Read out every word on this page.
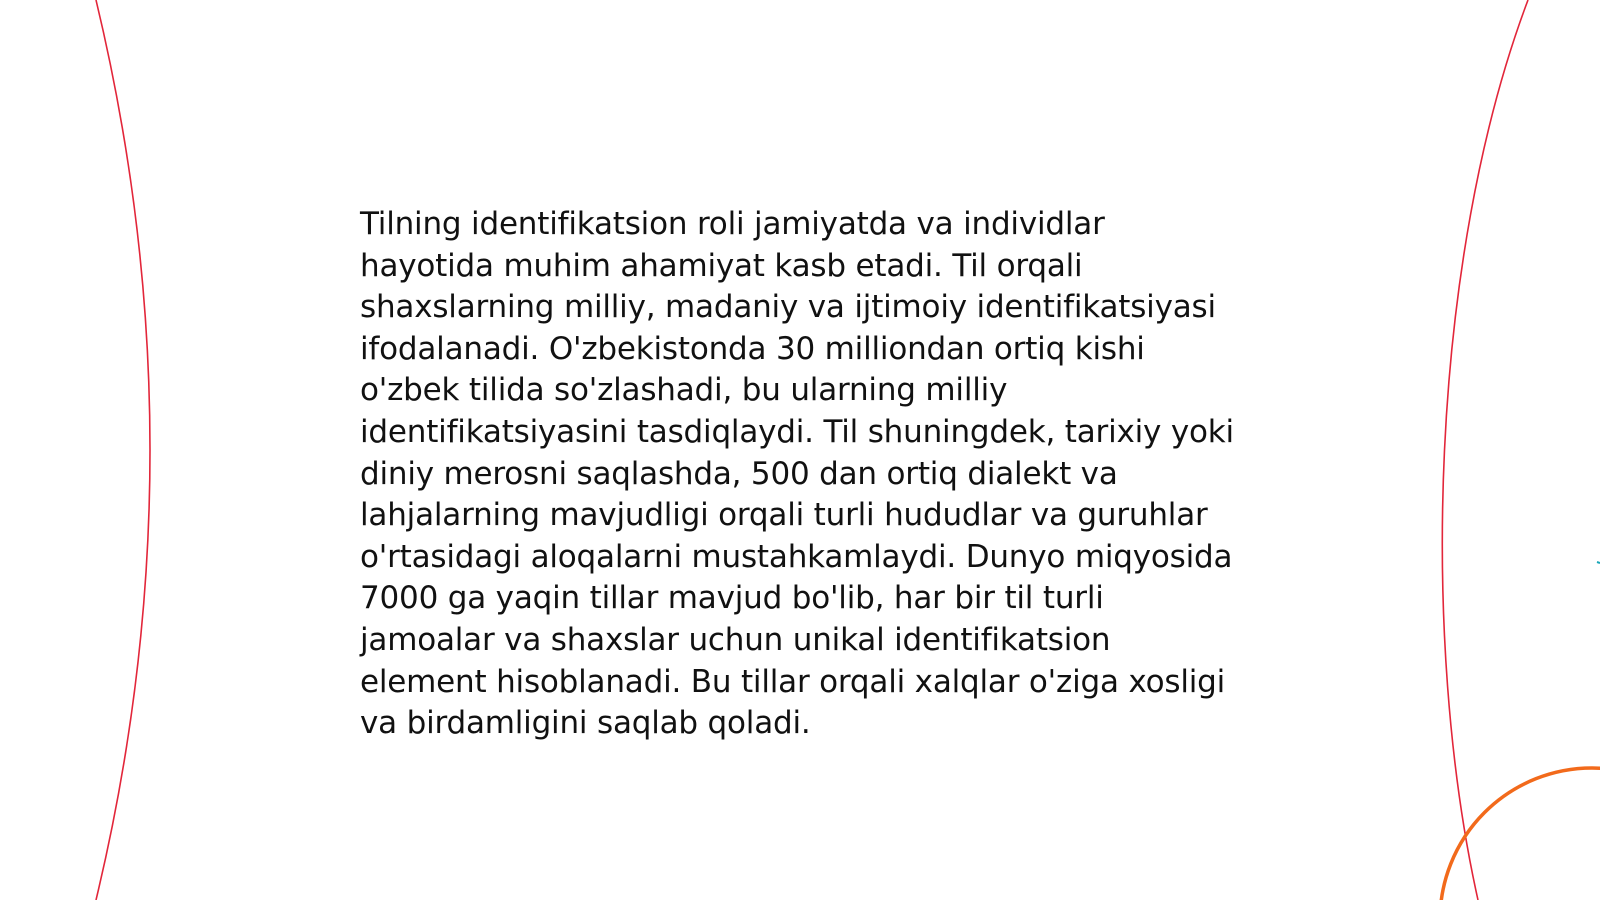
Tilning identifikatsion roli jamiyatda va individlar hayotida muhim ahamiyat kasb etadi. Til orqali shaxslarning milliy, madaniy va ijtimoiy identifikatsiyasi ifodalanadi. O'zbekistonda 30 milliondan ortiq kishi o'zbek tilida so'zlashadi, bu ularning milliy identifikatsiyasini tasdiqlaydi. Til shuningdek, tarixiy yoki diniy merosni saqlashda, 500 dan ortiq dialekt va lahjalarning mavjudligi orqali turli hududlar va guruhlar o'rtasidagi aloqalarni mustahkamlaydi. Dunyo miqyosida 7000 ga yaqin tillar mavjud bo'lib, har bir til turli jamoalar va shaxslar uchun unikal identifikatsion element hisoblanadi. Bu tillar orqali xalqlar o'ziga xosligi va birdamligini saqlab qoladi.
